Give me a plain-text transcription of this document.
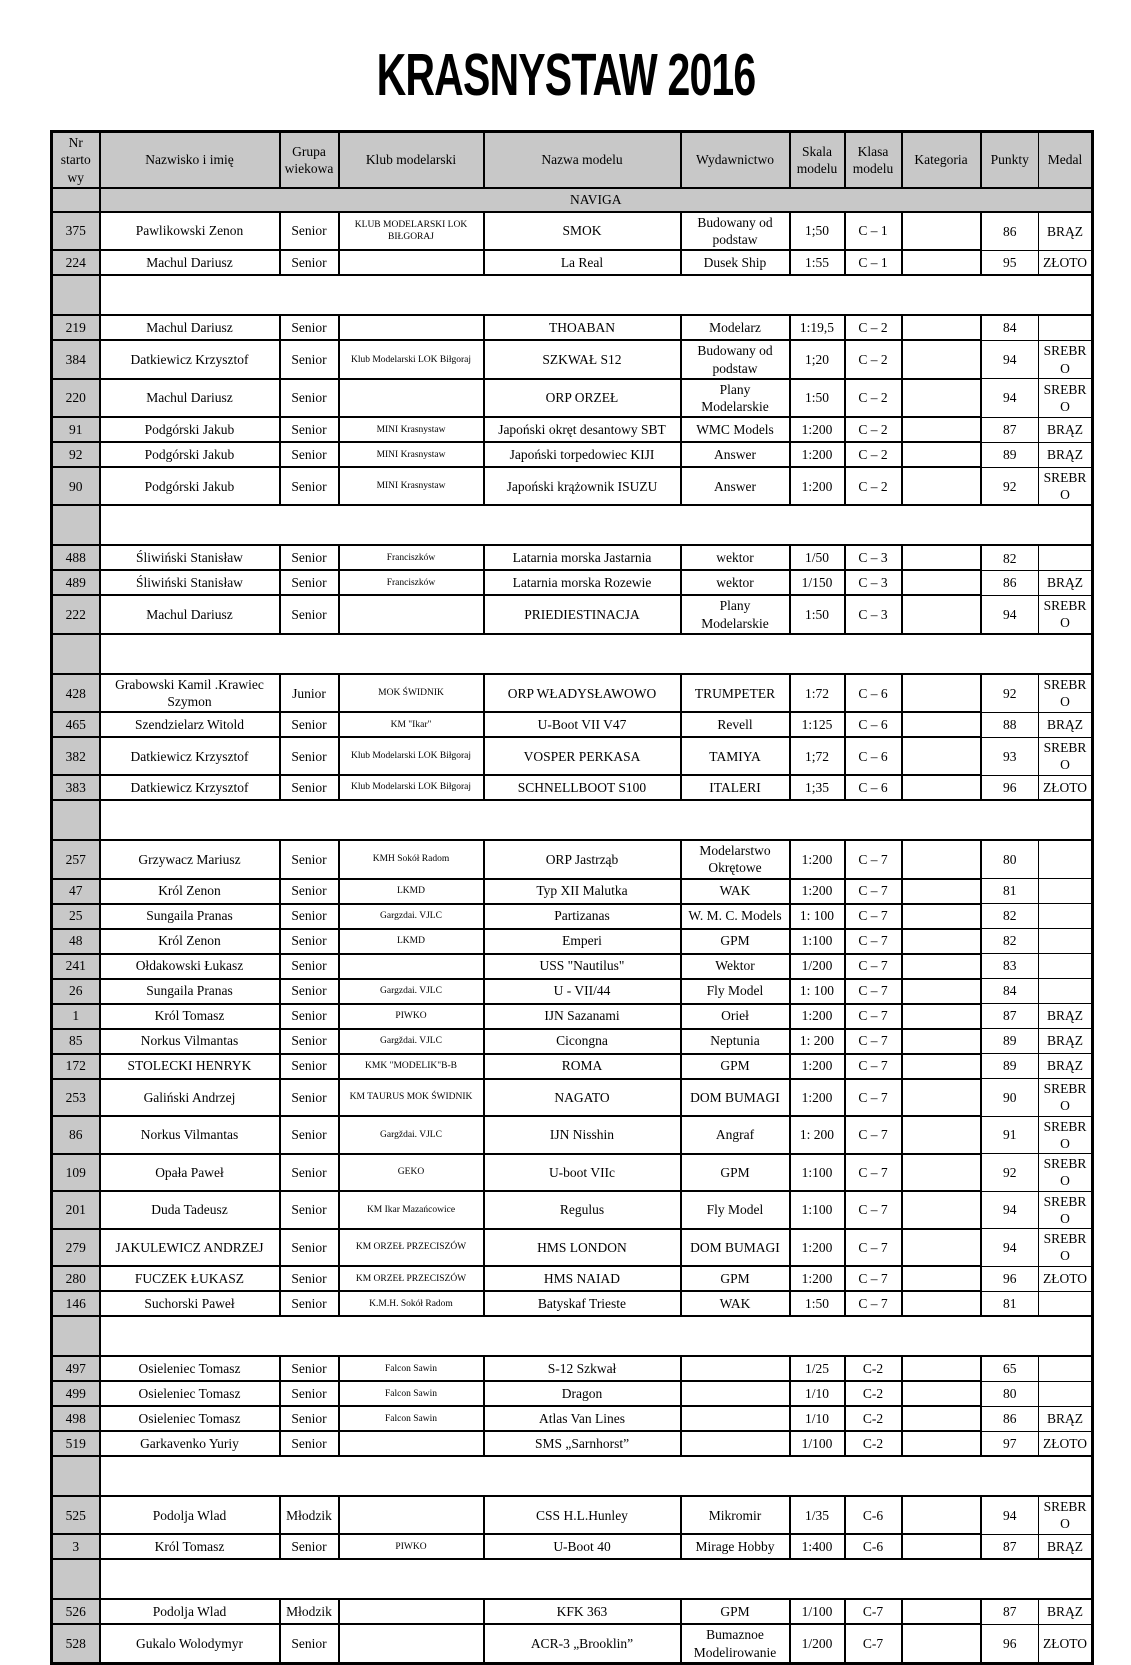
KRASNYSTAW 2016
Nr starto wy	Nazwisko i imię	Grupa wiekowa	Klub modelarski	Nazwa modelu	Wydawnictwo	Skala modelu	Klasa modelu	Kategoria	Punkty	Medal
	NAVIGA									
375	Pawlikowski Zenon	Senior	KLUB MODELARSKI LOK BIŁGORAJ	SMOK	Budowany od podstaw	1;50	C – 1		86	BRĄZ
224	Machul Dariusz	Senior		La Real	Dusek Ship	1:55	C – 1		95	ZŁOTO

219	Machul Dariusz	Senior		THOABAN	Modelarz	1:19,5	C – 2		84	
384	Datkiewicz Krzysztof	Senior	Klub Modelarski LOK Biłgoraj	SZKWAŁ S12	Budowany od podstaw	1;20	C – 2		94	SREBRO
220	Machul Dariusz	Senior		ORP ORZEŁ	Plany Modelarskie	1:50	C – 2		94	SREBRO
91	Podgórski Jakub	Senior	MINI Krasnystaw	Japoński okręt desantowy SBT	WMC Models	1:200	C – 2		87	BRĄZ
92	Podgórski Jakub	Senior	MINI Krasnystaw	Japoński torpedowiec KIJI	Answer	1:200	C – 2		89	BRĄZ
90	Podgórski Jakub	Senior	MINI Krasnystaw	Japoński krążownik ISUZU	Answer	1:200	C – 2		92	SREBRO

488	Śliwiński Stanisław	Senior	Franciszków	Latarnia morska Jastarnia	wektor	1/50	C – 3		82	
489	Śliwiński Stanisław	Senior	Franciszków	Latarnia morska Rozewie	wektor	1/150	C – 3		86	BRĄZ
222	Machul Dariusz	Senior		PRIEDIESTINACJA	Plany Modelarskie	1:50	C – 3		94	SREBRO

428	Grabowski Kamil .Krawiec Szymon	Junior	MOK ŚWIDNIK	ORP WŁADYSŁAWOWO	TRUMPETER	1:72	C – 6		92	SREBRO
465	Szendzielarz Witold	Senior	KM "Ikar"	U-Boot VII V47	Revell	1:125	C – 6		88	BRĄZ
382	Datkiewicz Krzysztof	Senior	Klub Modelarski LOK Biłgoraj	VOSPER PERKASA	TAMIYA	1;72	C – 6		93	SREBRO
383	Datkiewicz Krzysztof	Senior	Klub Modelarski LOK Biłgoraj	SCHNELLBOOT S100	ITALERI	1;35	C – 6		96	ZŁOTO

257	Grzywacz Mariusz	Senior	KMH Sokół Radom	ORP Jastrząb	Modelarstwo Okrętowe	1:200	C – 7		80	
47	Król Zenon	Senior	LKMD	Typ XII Malutka	WAK	1:200	C – 7		81	
25	Sungaila Pranas	Senior	Gargzdai. VJLC	Partizanas	W. M. C. Models	1: 100	C – 7		82	
48	Król Zenon	Senior	LKMD	Emperi	GPM	1:100	C – 7		82	
241	Ołdakowski Łukasz	Senior		USS "Nautilus"	Wektor	1/200	C – 7		83	
26	Sungaila Pranas	Senior	Gargzdai. VJLC	U - VII/44	Fly Model	1: 100	C – 7		84	
1	Król Tomasz	Senior	PIWKO	IJN Sazanami	Orieł	1:200	C – 7		87	BRĄZ
85	Norkus Vilmantas	Senior	Gargždai. VJLC	Cicongna	Neptunia	1: 200	C – 7		89	BRĄZ
172	STOLECKI HENRYK	Senior	KMK "MODELIK"B-B	ROMA	GPM	1:200	C – 7		89	BRĄZ
253	Galiński Andrzej	Senior	KM TAURUS MOK ŚWIDNIK	NAGATO	DOM BUMAGI	1:200	C – 7		90	SREBRO
86	Norkus Vilmantas	Senior	Gargždai. VJLC	IJN Nisshin	Angraf	1: 200	C – 7		91	SREBRO
109	Opała Paweł	Senior	GEKO	U-boot VIIc	GPM	1:100	C – 7		92	SREBRO
201	Duda Tadeusz	Senior	KM Ikar Mazańcowice	Regulus	Fly Model	1:100	C – 7		94	SREBRO
279	JAKULEWICZ ANDRZEJ	Senior	KM ORZEŁ PRZECISZÓW	HMS LONDON	DOM BUMAGI	1:200	C – 7		94	SREBRO
280	FUCZEK ŁUKASZ	Senior	KM ORZEŁ PRZECISZÓW	HMS NAIAD	GPM	1:200	C – 7		96	ZŁOTO
146	Suchorski Paweł	Senior	K.M.H. Sokół Radom	Batyskaf Trieste	WAK	1:50	C – 7		81	

497	Osieleniec Tomasz	Senior	Falcon Sawin	S-12 Szkwał		1/25	C-2		65	
499	Osieleniec Tomasz	Senior	Falcon Sawin	Dragon		1/10	C-2		80	
498	Osieleniec Tomasz	Senior	Falcon Sawin	Atlas Van Lines		1/10	C-2		86	BRĄZ
519	Garkavenko Yuriy	Senior		SMS „Sarnhorst”		1/100	C-2		97	ZŁOTO

525	Podolja Wlad	Młodzik		CSS H.L.Hunley	Mikromir	1/35	C-6		94	SREBRO
3	Król Tomasz	Senior	PIWKO	U-Boot 40	Mirage Hobby	1:400	C-6		87	BRĄZ

526	Podolja Wlad	Młodzik		KFK 363	GPM	1/100	C-7		87	BRĄZ
528	Gukalo Wolodymyr	Senior		ACR-3 „Brooklin”	Bumaznoe Modelirowanie	1/200	C-7		96	ZŁOTO
